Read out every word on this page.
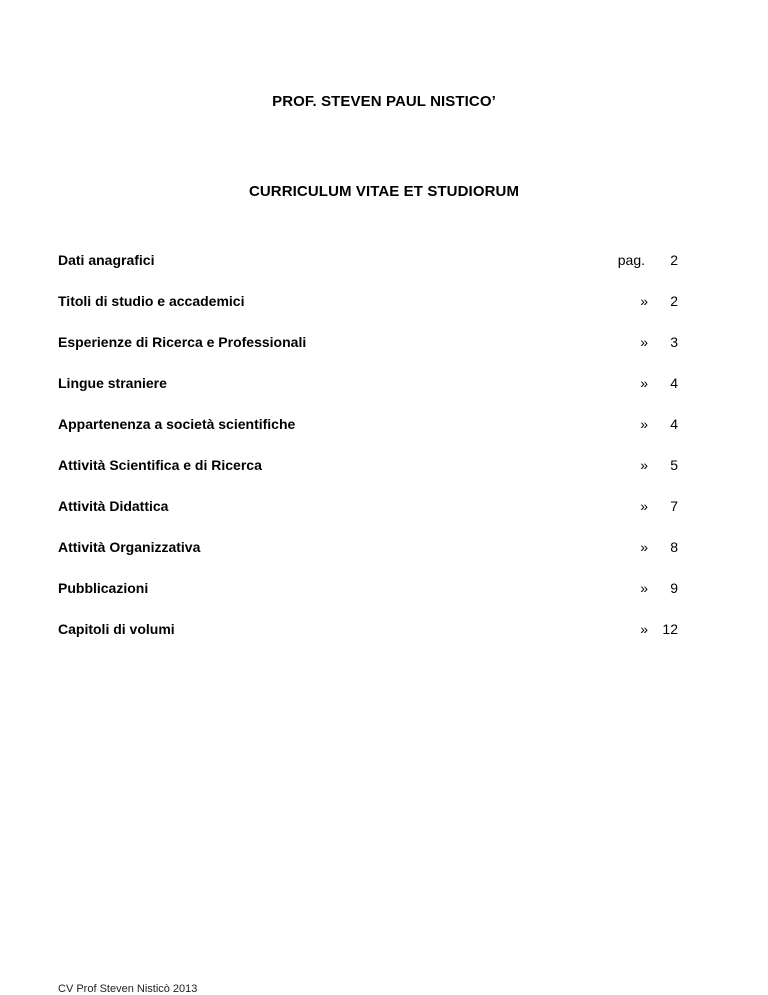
PROF. STEVEN PAUL NISTICO’
CURRICULUM VITAE ET STUDIORUM
Dati anagrafici	pag.	2
Titoli di studio e accademici	»	2
Esperienze di Ricerca e Professionali	»	3
Lingue straniere	»	4
Appartenenza a società scientifiche	»	4
Attività Scientifica e di Ricerca	»	5
Attività Didattica	»	7
Attività Organizzativa	»	8
Pubblicazioni	»	9
Capitoli di volumi	»	12
CV Prof Steven Nisticò 2013
